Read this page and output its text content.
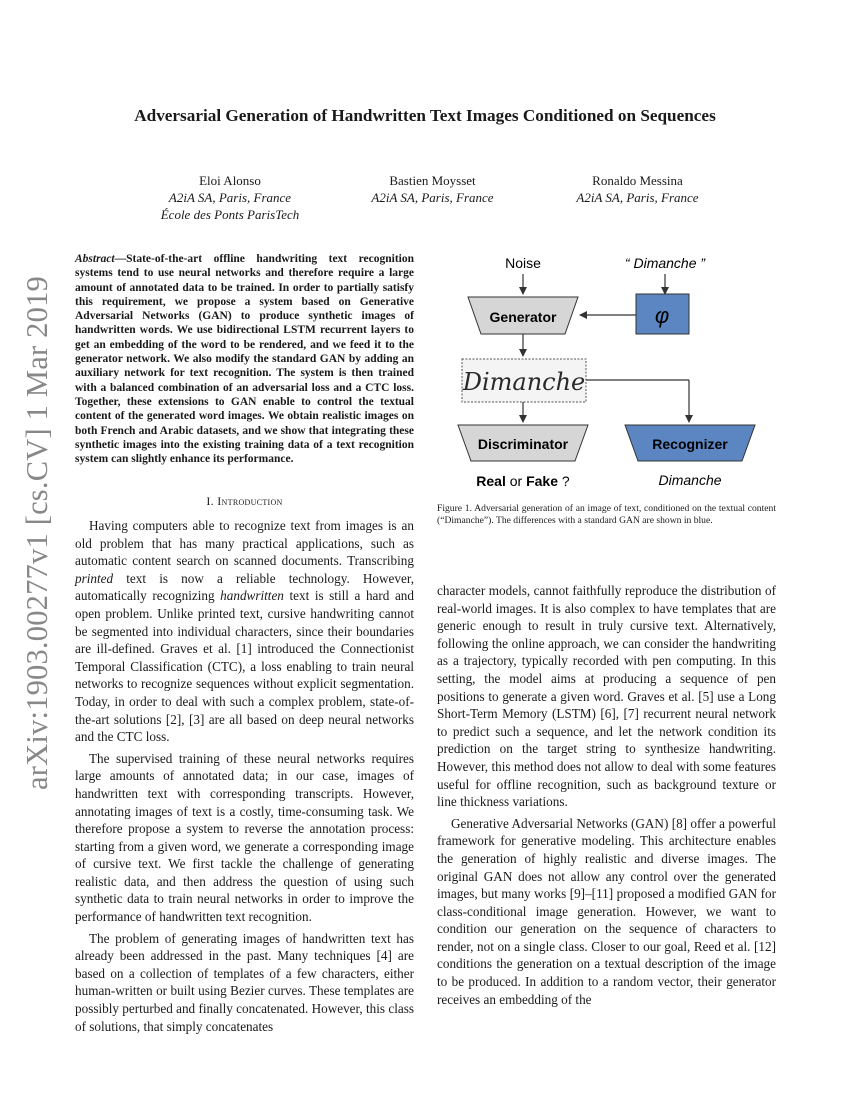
Adversarial Generation of Handwritten Text Images Conditioned on Sequences
Eloi Alonso
A2iA SA, Paris, France
École des Ponts ParisTech
Bastien Moysset
A2iA SA, Paris, France
Ronaldo Messina
A2iA SA, Paris, France
arXiv:1903.00277v1 [cs.CV] 1 Mar 2019
Abstract—State-of-the-art offline handwriting text recognition systems tend to use neural networks and therefore require a large amount of annotated data to be trained. In order to partially satisfy this requirement, we propose a system based on Generative Adversarial Networks (GAN) to produce synthetic images of handwritten words. We use bidirectional LSTM recurrent layers to get an embedding of the word to be rendered, and we feed it to the generator network. We also modify the standard GAN by adding an auxiliary network for text recognition. The system is then trained with a balanced combination of an adversarial loss and a CTC loss. Together, these extensions to GAN enable to control the textual content of the generated word images. We obtain realistic images on both French and Arabic datasets, and we show that integrating these synthetic images into the existing training data of a text recognition system can slightly enhance its performance.
I. Introduction

Having computers able to recognize text from images is an old problem that has many practical applications, such as automatic content search on scanned documents. Transcribing printed text is now a reliable technology. However, automatically recognizing handwritten text is still a hard and open problem. Unlike printed text, cursive handwriting cannot be segmented into individual characters, since their boundaries are ill-defined. Graves et al. [1] introduced the Connectionist Temporal Classification (CTC), a loss enabling to train neural networks to recognize sequences without explicit segmentation. Today, in order to deal with such a complex problem, state-of-the-art solutions [2], [3] are all based on deep neural networks and the CTC loss.

The supervised training of these neural networks requires large amounts of annotated data; in our case, images of handwritten text with corresponding transcripts. However, annotating images of text is a costly, time-consuming task. We therefore propose a system to reverse the annotation process: starting from a given word, we generate a corresponding image of cursive text. We first tackle the challenge of generating realistic data, and then address the question of using such synthetic data to train neural networks in order to improve the performance of handwritten text recognition.

The problem of generating images of handwritten text has already been addressed in the past. Many techniques [4] are based on a collection of templates of a few characters, either human-written or built using Bezier curves. These templates are possibly perturbed and finally concatenated. However, this class of solutions, that simply concatenates

Noise	“ Dimanche ”
Generator	φ
Dimanche
Discriminator	Recognizer
Real or Fake ?	Dimanche
Figure 1. Adversarial generation of an image of text, conditioned on the textual content (“Dimanche”). The differences with a standard GAN are shown in blue.

character models, cannot faithfully reproduce the distribution of real-world images. It is also complex to have templates that are generic enough to result in truly cursive text. Alternatively, following the online approach, we can consider the handwriting as a trajectory, typically recorded with pen computing. In this setting, the model aims at producing a sequence of pen positions to generate a given word. Graves et al. [5] use a Long Short-Term Memory (LSTM) [6], [7] recurrent neural network to predict such a sequence, and let the network condition its prediction on the target string to synthesize handwriting. However, this method does not allow to deal with some features useful for offline recognition, such as background texture or line thickness variations.

Generative Adversarial Networks (GAN) [8] offer a powerful framework for generative modeling. This architecture enables the generation of highly realistic and diverse images. The original GAN does not allow any control over the generated images, but many works [9]–[11] proposed a modified GAN for class-conditional image generation. However, we want to condition our generation on the sequence of characters to render, not on a single class. Closer to our goal, Reed et al. [12] conditions the generation on a textual description of the image to be produced. In addition to a random vector, their generator receives an embedding of the
